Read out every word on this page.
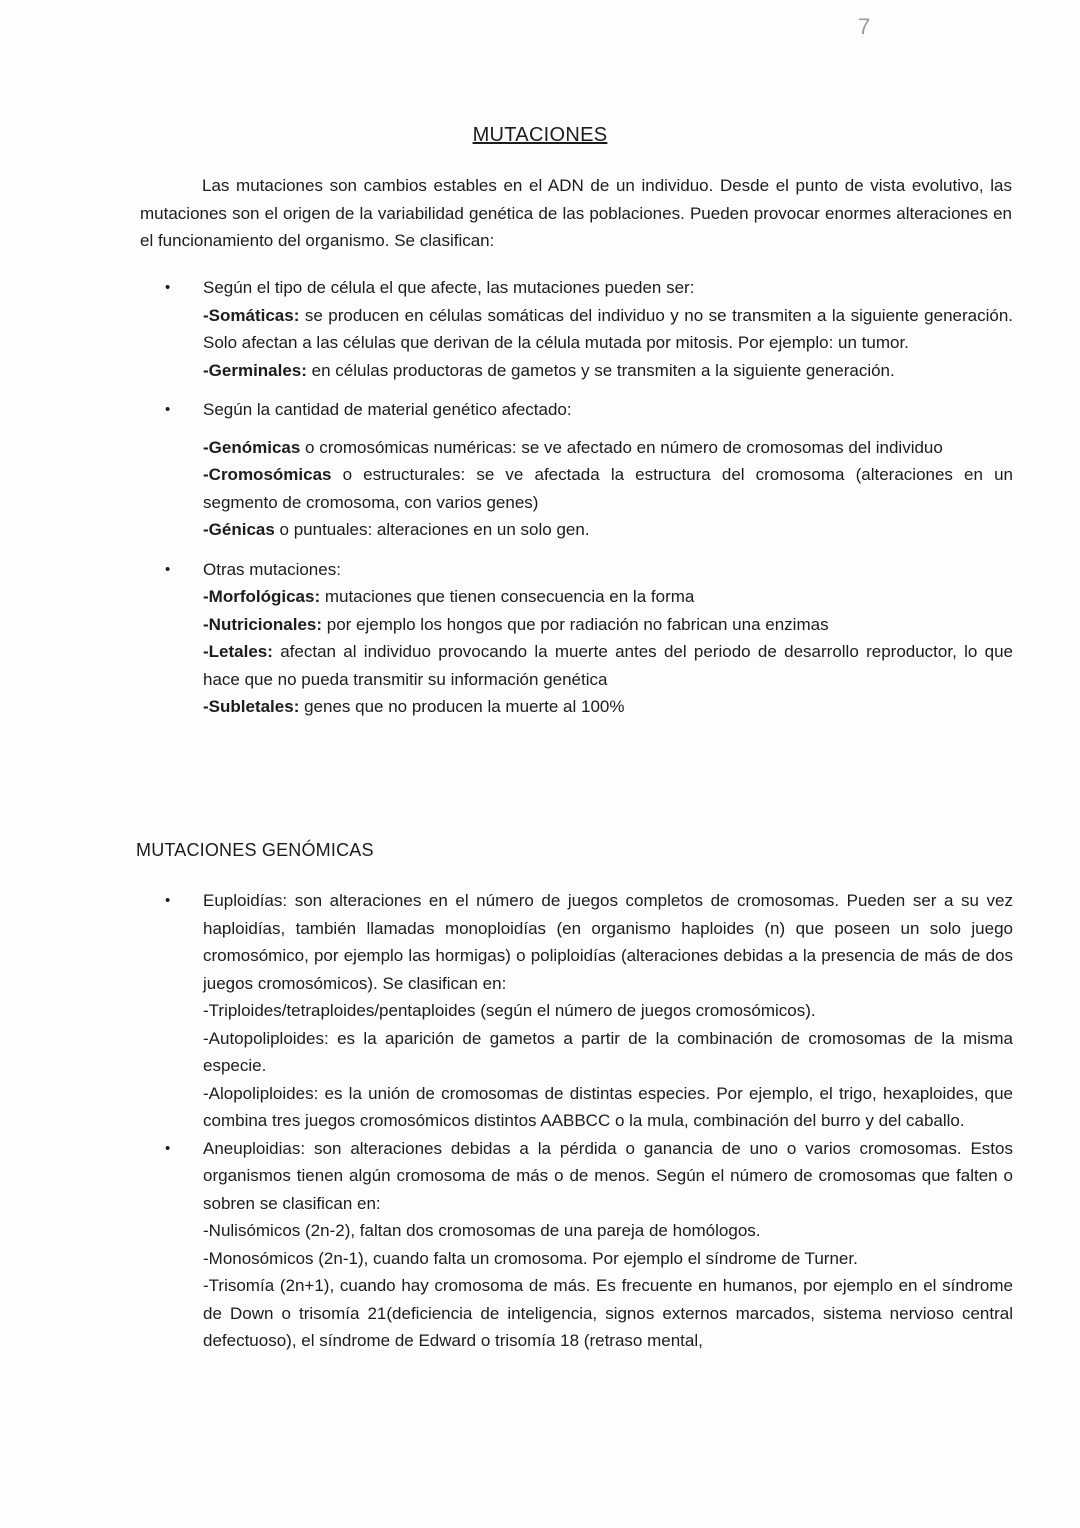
7
MUTACIONES

Las mutaciones son cambios estables en el ADN de un individuo. Desde el punto de vista evolutivo, las mutaciones son el origen de la variabilidad genética de las poblaciones. Pueden provocar enormes alteraciones en el funcionamiento del organismo. Se clasifican:

•	Según el tipo de célula el que afecte, las mutaciones pueden ser:

-Somáticas: se producen en células somáticas del individuo y no se transmiten a la siguiente generación. Solo afectan a las células que derivan de la célula mutada por mitosis. Por ejemplo: un tumor.

-Germinales: en células productoras de gametos y se transmiten a la siguiente generación.

•	Según la cantidad de material genético afectado:

-Genómicas o cromosómicas numéricas: se ve afectado en número de cromosomas del individuo

-Cromosómicas o estructurales: se ve afectada la estructura del cromosoma (alteraciones en un segmento de cromosoma, con varios genes)

-Génicas o puntuales: alteraciones en un solo gen.

•	Otras mutaciones:

-Morfológicas: mutaciones que tienen consecuencia en la forma

-Nutricionales: por ejemplo los hongos que por radiación no fabrican una enzimas

-Letales: afectan al individuo provocando la muerte antes del periodo de desarrollo reproductor, lo que hace que no pueda transmitir su información genética

-Subletales: genes que no producen la muerte al 100%

MUTACIONES GENÓMICAS
•	Euploidías: son alteraciones en el número de juegos completos de cromosomas. Pueden ser a su vez haploidías, también llamadas monoploidías (en organismo haploides (n) que poseen un solo juego cromosómico, por ejemplo las hormigas) o poliploidías (alteraciones debidas a la presencia de más de dos juegos cromosómicos). Se clasifican en:

-Triploides/tetraploides/pentaploides (según el número de juegos cromosómicos).

-Autopoliploides: es la aparición de gametos a partir de la combinación de cromosomas de la misma especie.

-Alopoliploides: es la unión de cromosomas de distintas especies. Por ejemplo, el trigo, hexaploides, que combina tres juegos cromosómicos distintos AABBCC o la mula, combinación del burro y del caballo.

•	Aneuploidias: son alteraciones debidas a la pérdida o ganancia de uno o varios cromosomas. Estos organismos tienen algún cromosoma de más o de menos. Según el número de cromosomas que falten o sobren se clasifican en:

-Nulisómicos (2n-2), faltan dos cromosomas de una pareja de homólogos.

-Monosómicos (2n-1), cuando falta un cromosoma. Por ejemplo el síndrome de Turner.

-Trisomía (2n+1), cuando hay cromosoma de más. Es frecuente en humanos, por ejemplo en el síndrome de Down o trisomía 21(deficiencia de inteligencia, signos externos marcados, sistema nervioso central defectuoso), el síndrome de Edward o trisomía 18 (retraso mental,
